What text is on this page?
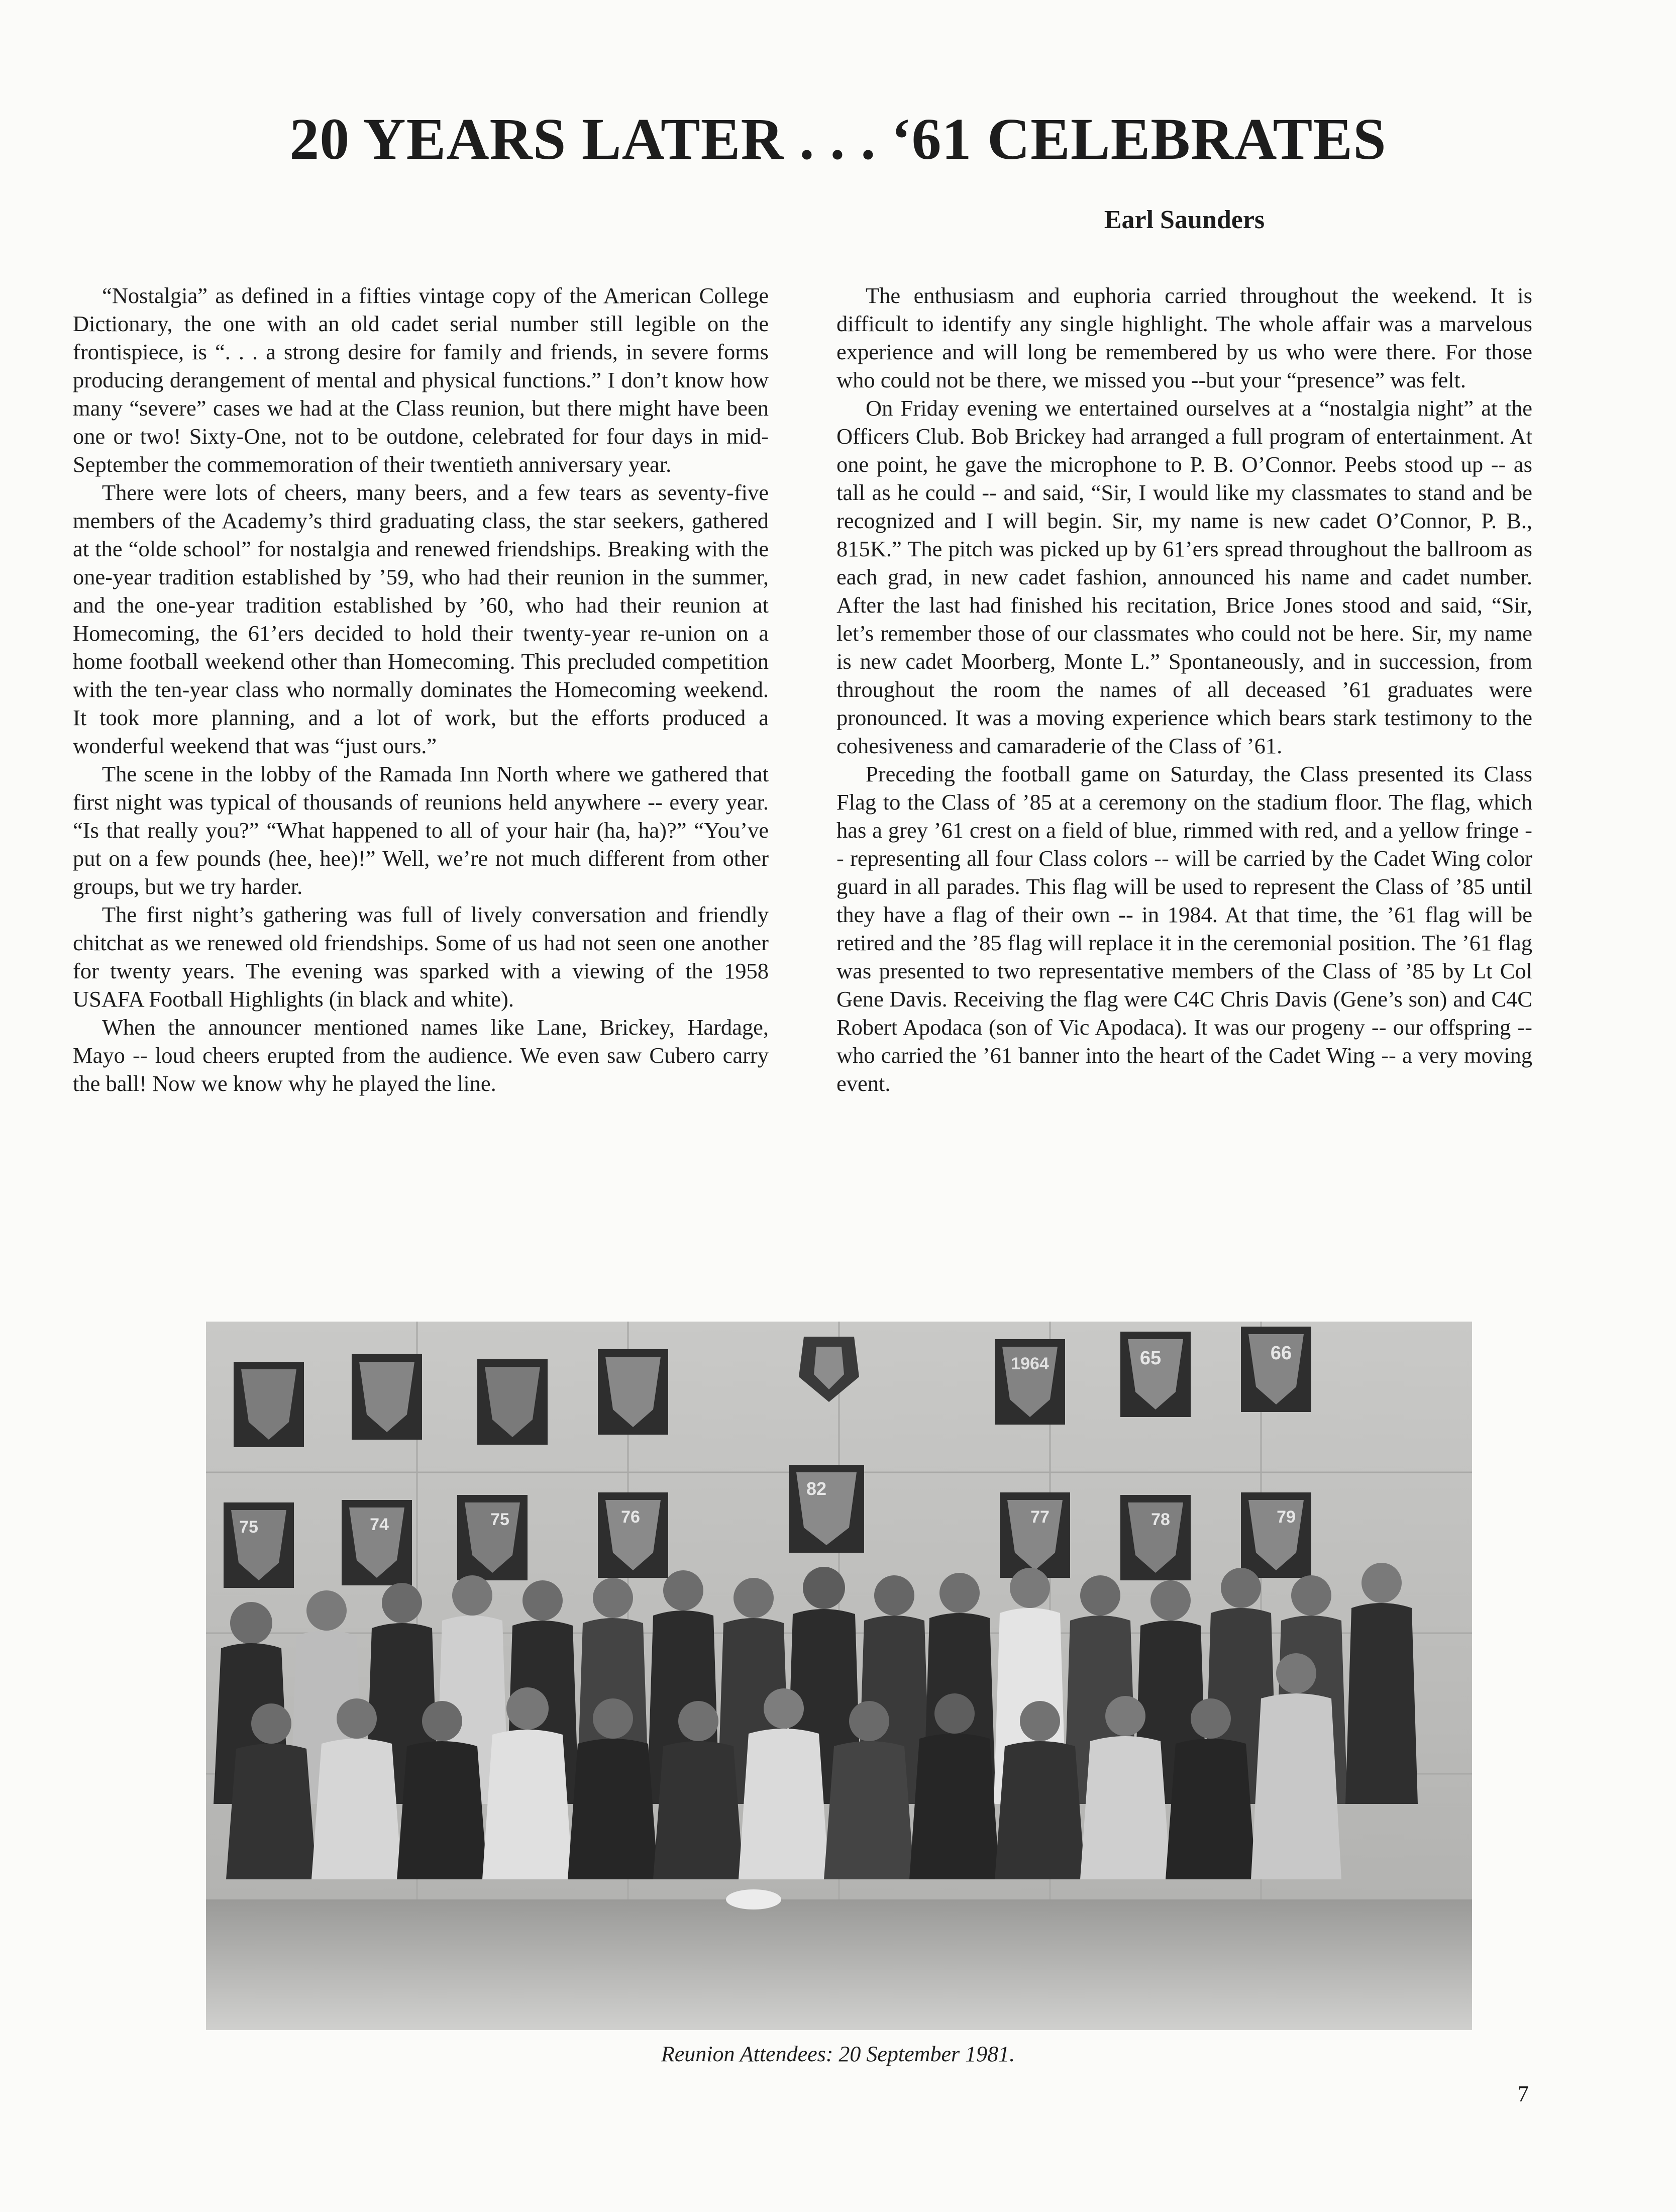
20 YEARS LATER . . . ‘61 CELEBRATES
Earl Saunders

“Nostalgia” as defined in a fifties vintage copy of the American College Dictionary, the one with an old cadet serial number still legible on the frontispiece, is “. . . a strong desire for family and friends, in severe forms producing derangement of mental and physical functions.” I don’t know how many “severe” cases we had at the Class reunion, but there might have been one or two! Sixty-One, not to be outdone, celebrated for four days in mid-September the commemoration of their twentieth anniversary year.

There were lots of cheers, many beers, and a few tears as seventy-five members of the Academy’s third graduating class, the star seekers, gathered at the “olde school” for nostalgia and renewed friendships. Breaking with the one-year tradition established by ’59, who had their reunion in the summer, and the one-year tradition established by ’60, who had their reunion at Homecoming, the 61’ers decided to hold their twenty-year re-union on a home football weekend other than Homecoming. This precluded competition with the ten-year class who normally dominates the Homecoming weekend. It took more planning, and a lot of work, but the efforts produced a wonderful weekend that was “just ours.”

The scene in the lobby of the Ramada Inn North where we gathered that first night was typical of thousands of reunions held anywhere -- every year. “Is that really you?” “What happened to all of your hair (ha, ha)?” “You’ve put on a few pounds (hee, hee)!” Well, we’re not much different from other groups, but we try harder.

The first night’s gathering was full of lively conversation and friendly chitchat as we renewed old friendships. Some of us had not seen one another for twenty years. The evening was sparked with a viewing of the 1958 USAFA Football Highlights (in black and white).

When the announcer mentioned names like Lane, Brickey, Hardage, Mayo -- loud cheers erupted from the audience. We even saw Cubero carry the ball! Now we know why he played the line.

The enthusiasm and euphoria carried throughout the weekend. It is difficult to identify any single highlight. The whole affair was a marvelous experience and will long be remembered by us who were there. For those who could not be there, we missed you --but your “presence” was felt.

On Friday evening we entertained ourselves at a “nostalgia night” at the Officers Club. Bob Brickey had arranged a full program of entertainment. At one point, he gave the microphone to P. B. O’Connor. Peebs stood up -- as tall as he could -- and said, “Sir, I would like my classmates to stand and be recognized and I will begin. Sir, my name is new cadet O’Connor, P. B., 815K.” The pitch was picked up by 61’ers spread throughout the ballroom as each grad, in new cadet fashion, announced his name and cadet number. After the last had finished his recitation, Brice Jones stood and said, “Sir, let’s remember those of our classmates who could not be here. Sir, my name is new cadet Moorberg, Monte L.” Spontaneously, and in succession, from throughout the room the names of all deceased ’61 graduates were pronounced. It was a moving experience which bears stark testimony to the cohesiveness and camaraderie of the Class of ’61.

Preceding the football game on Saturday, the Class presented its Class Flag to the Class of ’85 at a ceremony on the stadium floor. The flag, which has a grey ’61 crest on a field of blue, rimmed with red, and a yellow fringe -- representing all four Class colors -- will be carried by the Cadet Wing color guard in all parades. This flag will be used to represent the Class of ’85 until they have a flag of their own -- in 1984. At that time, the ’61 flag will be retired and the ’85 flag will replace it in the ceremonial position. The ’61 flag was presented to two representative members of the Class of ’85 by Lt Col Gene Davis. Receiving the flag were C4C Chris Davis (Gene’s son) and C4C Robert Apodaca (son of Vic Apodaca). It was our progeny -- our offspring -- who carried the ’61 banner into the heart of the Cadet Wing -- a very moving event.

1964	65	66
82
75	74	75	76	77	78	79
Reunion Attendees: 20 September 1981.
7
